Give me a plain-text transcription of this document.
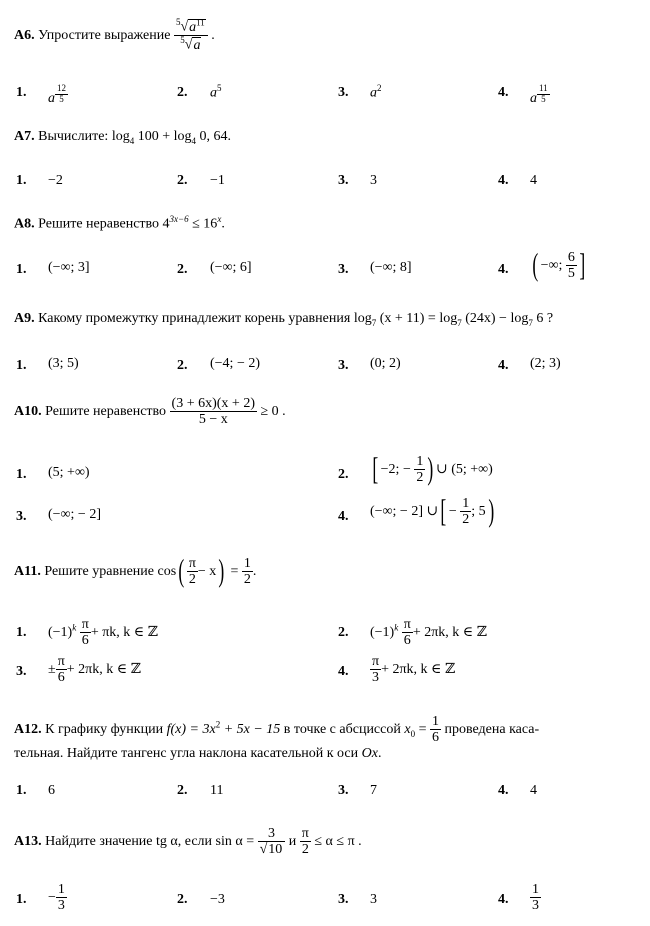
А6. Упростите выражение $\frac{^5√a^{11}}{^5√a}$ .
1. a $^{\frac{12}{5}}$	2. $a^5$	3. $a^2$	4. a $^{\frac{11}{5}}$
А7. Вычислите: $\log_4 100 + \log_4 0$, 64.
1. −2	2. −1	3. 3	4. 4
А8. Решите неравенство $4^{3x-6} \le 16^x$.
1. (−∞; 3]	2. (−∞; 6]	3. (−∞; 8]	4. ( −∞; $\frac{6}{5}$ ]
А9. Какому промежутку принадлежит корень уравнения $\log_7 (x + 11) = \log_7 (24x) - \log_7 6$ ?
1. (3; 5)	2. (−4; − 2)	3. (0; 2)	4. (2; 3)
А10. Решите неравенство $\frac{(3 + 6x)(x + 2)}{5 - x} \ge 0$ .
1. (5; +∞)	2. [ −2; − $\frac{1}{2}$ ) ∪ (5; +∞)
3. (−∞; − 2]	4. (−∞; − 2] ∪[ − $\frac{1}{2}$ ; 5)
А11. Решите уравнение $\cos( \frac{\pi}{2} - x) = \frac{1}{2}$ .
1. $(-1)^k \frac{\pi}{6} + \pi k$, k ∈ ℤ	2. $(-1)^k \frac{\pi}{6} + 2\pi k$, k ∈ ℤ
3. ± $\frac{\pi}{6} + 2\pi k$, k ∈ ℤ	4. $\frac{\pi}{3} + 2\pi k$, k ∈ ℤ
А12. К графику функции $f(x) = 3x^2 + 5x - 15$ в точке с абсциссой $x_0 = \frac{1}{6}$ проведена каса-
тельная. Найдите тангенс угла наклона касательной к оси Ox.
1. 6	2. 11	3. 7	4. 4
А13. Найдите значение tg α, если $\sin \alpha = \frac{3}{√10}$ и $\frac{\pi}{2} \le \alpha \le \pi$ .
1. − $\frac{1}{3}$	2. −3	3. 3	4. $\frac{1}{3}$
